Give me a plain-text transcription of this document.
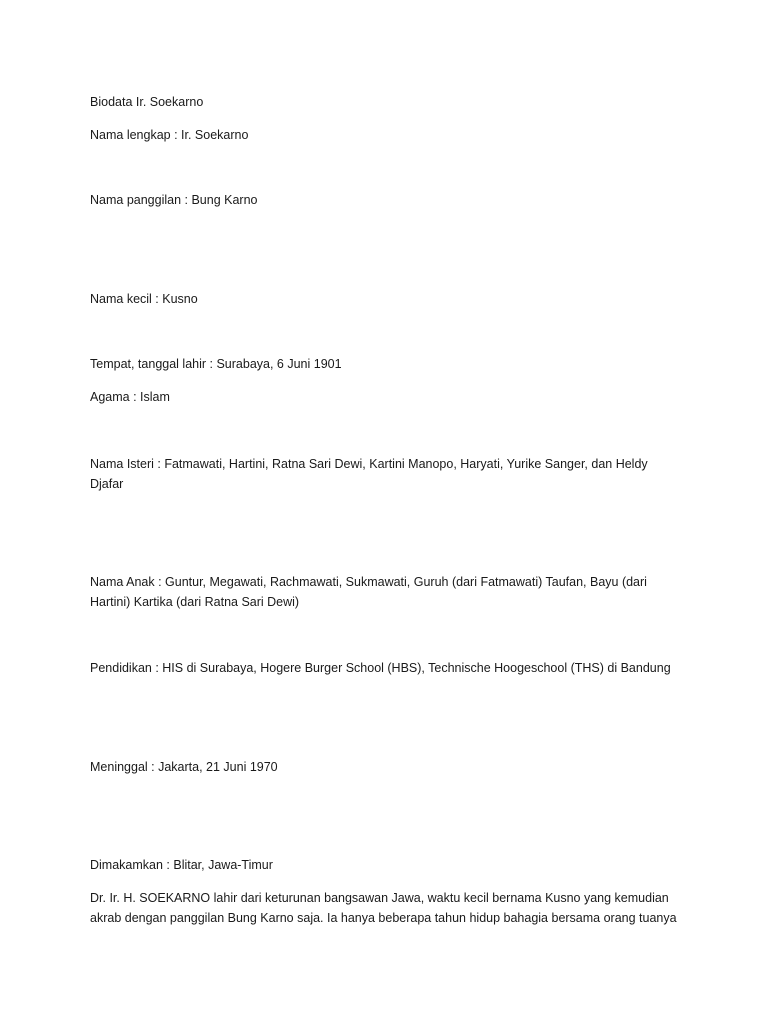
Biodata Ir. Soekarno

Nama lengkap : Ir. Soekarno

Nama panggilan : Bung Karno

Nama kecil : Kusno

Tempat, tanggal lahir : Surabaya, 6 Juni 1901

Agama : Islam

Nama Isteri : Fatmawati, Hartini, Ratna Sari Dewi, Kartini Manopo, Haryati, Yurike Sanger, dan Heldy Djafar

Nama Anak : Guntur, Megawati, Rachmawati, Sukmawati, Guruh (dari Fatmawati) Taufan, Bayu (dari Hartini) Kartika (dari Ratna Sari Dewi)

Pendidikan : HIS di Surabaya, Hogere Burger School (HBS), Technische Hoogeschool (THS) di Bandung

Meninggal : Jakarta, 21 Juni 1970

Dimakamkan : Blitar, Jawa-Timur

Dr. Ir. H. SOEKARNO lahir dari keturunan bangsawan Jawa, waktu kecil bernama Kusno yang kemudian akrab dengan panggilan Bung Karno saja. Ia hanya beberapa tahun hidup bahagia bersama orang tuanya
